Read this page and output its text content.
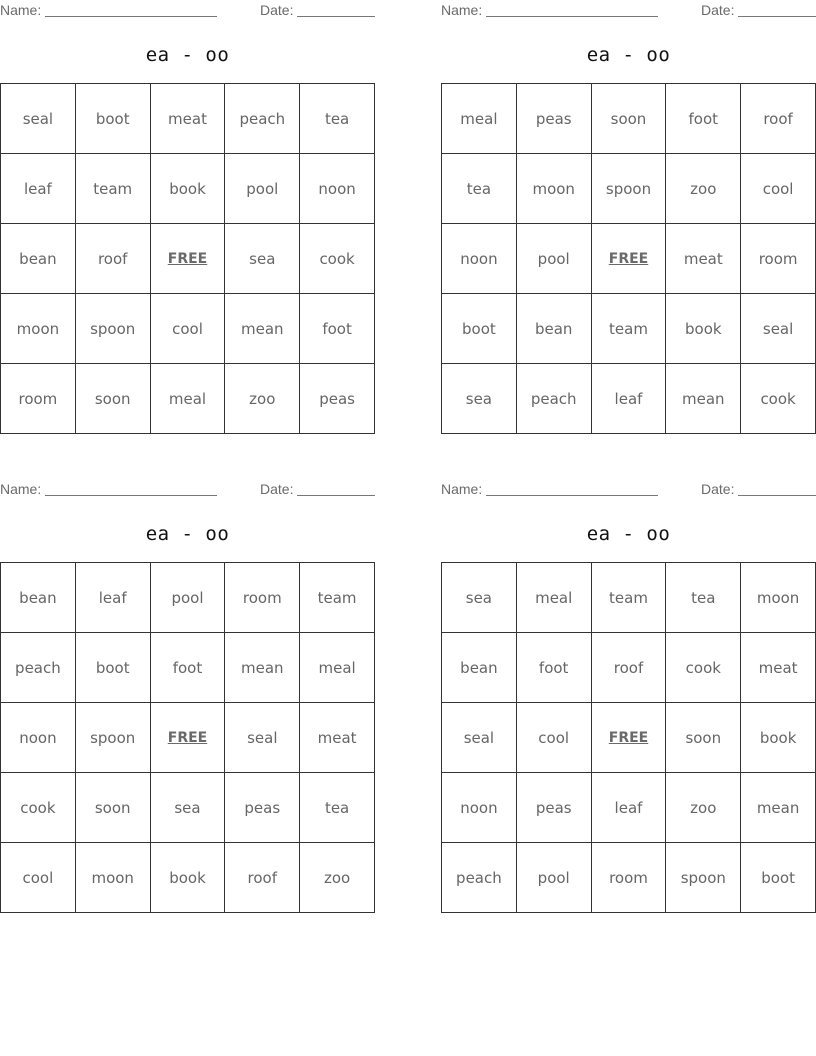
Name:	Date:
ea - oo
seal	boot	meat	peach	tea
leaf	team	book	pool	noon
bean	roof	FREE	sea	cook
moon	spoon	cool	mean	foot
room	soon	meal	zoo	peas
Name:	Date:
ea - oo
meal	peas	soon	foot	roof
tea	moon	spoon	zoo	cool
noon	pool	FREE	meat	room
boot	bean	team	book	seal
sea	peach	leaf	mean	cook
Name:	Date:
ea - oo
bean	leaf	pool	room	team
peach	boot	foot	mean	meal
noon	spoon	FREE	seal	meat
cook	soon	sea	peas	tea
cool	moon	book	roof	zoo
Name:	Date:
ea - oo
sea	meal	team	tea	moon
bean	foot	roof	cook	meat
seal	cool	FREE	soon	book
noon	peas	leaf	zoo	mean
peach	pool	room	spoon	boot
